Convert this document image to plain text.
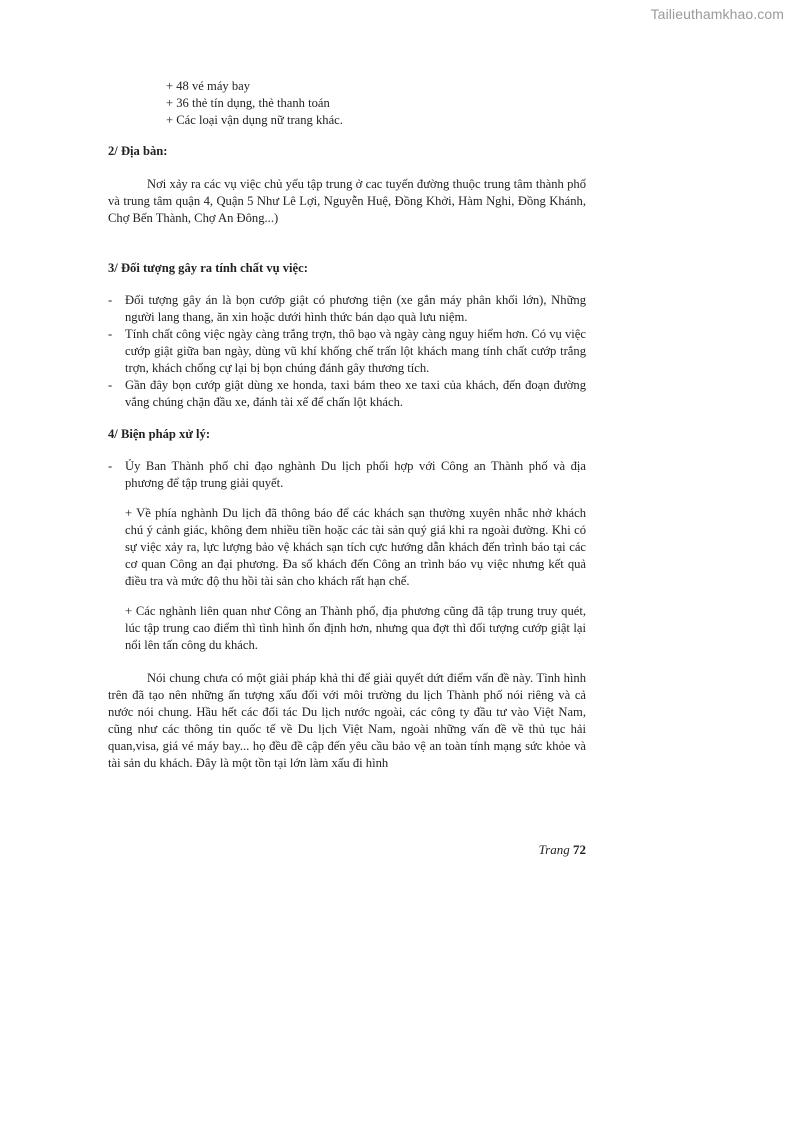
Tailieuthamkhao.com
+ 48 vé máy bay
+ 36 thẻ tín dụng, thẻ thanh toán
+ Các loại vận dụng nữ trang khác.
2/ Địa bàn:

Nơi xảy ra các vụ việc chủ yếu tập trung ở cac tuyến đường thuộc trung tâm thành phố và trung tâm quận 4, Quận 5 Như Lê Lợi, Nguyễn Huệ, Đồng Khởi, Hàm Nghi, Đồng Khánh, Chợ Bến Thành, Chợ An Đông...)

3/ Đối tượng gây ra tính chất vụ việc:

- Đối tượng gây án là bọn cướp giật có phương tiện (xe gắn máy phân khối lớn), Những người lang thang, ăn xin hoặc dưới hình thức bán dạo quà lưu niệm.

- Tính chất công việc ngày càng trắng trợn, thô bạo và ngày càng nguy hiểm hơn. Có vụ việc cướp giật giữa ban ngày, dùng vũ khí khống chế trấn lột khách mang tính chất cướp trắng trợn, khách chống cự lại bị bọn chúng đánh gây thương tích.

- Gần đây bọn cướp giật dùng xe honda, taxi bám theo xe taxi của khách, đến đoạn đường vắng chúng chặn đầu xe, đánh tài xế để chấn lột khách.

4/ Biện pháp xử lý:

- Ủy Ban Thành phố chỉ đạo nghành Du lịch phối hợp với Công an Thành phố và địa phương để tập trung giải quyết.

+ Về phía nghành Du lịch đã thông báo để các khách sạn thường xuyên nhắc nhở khách chú ý cảnh giác, không đem nhiều tiền hoặc các tài sản quý giá khi ra ngoài đường. Khi có sự việc xảy ra, lực lượng bảo vệ khách sạn tích cực hướng dẫn khách đến trình báo tại các cơ quan Công an đại phương. Đa số khách đến Công an trình báo vụ việc nhưng kết quả điều tra và mức độ thu hồi tài sản cho khách rất hạn chế.

+ Các nghành liên quan như Công an Thành phố, địa phương cũng đã tập trung truy quét, lúc tập trung cao điểm thì tình hình ổn định hơn, nhưng qua đợt thì đối tượng cướp giật lại nổi lên tấn công du khách.

Nói chung chưa có một giải pháp khả thi để giải quyết dứt điểm vấn đề này. Tình hình trên đã tạo nên những ấn tượng xấu đối với môi trường du lịch Thành phố nói riêng và cả nước nói chung. Hầu hết các đối tác Du lịch nước ngoài, các công ty đầu tư vào Việt Nam, cũng như các thông tin quốc tế về Du lịch Việt Nam, ngoài những vấn đề về thủ tục hải quan,visa, giá vé máy bay... họ đều đề cập đến yêu cầu bảo vệ an toàn tính mạng sức khỏe và tài sản du khách. Đây là một tồn tại lớn làm xấu đi hình

Trang 72
